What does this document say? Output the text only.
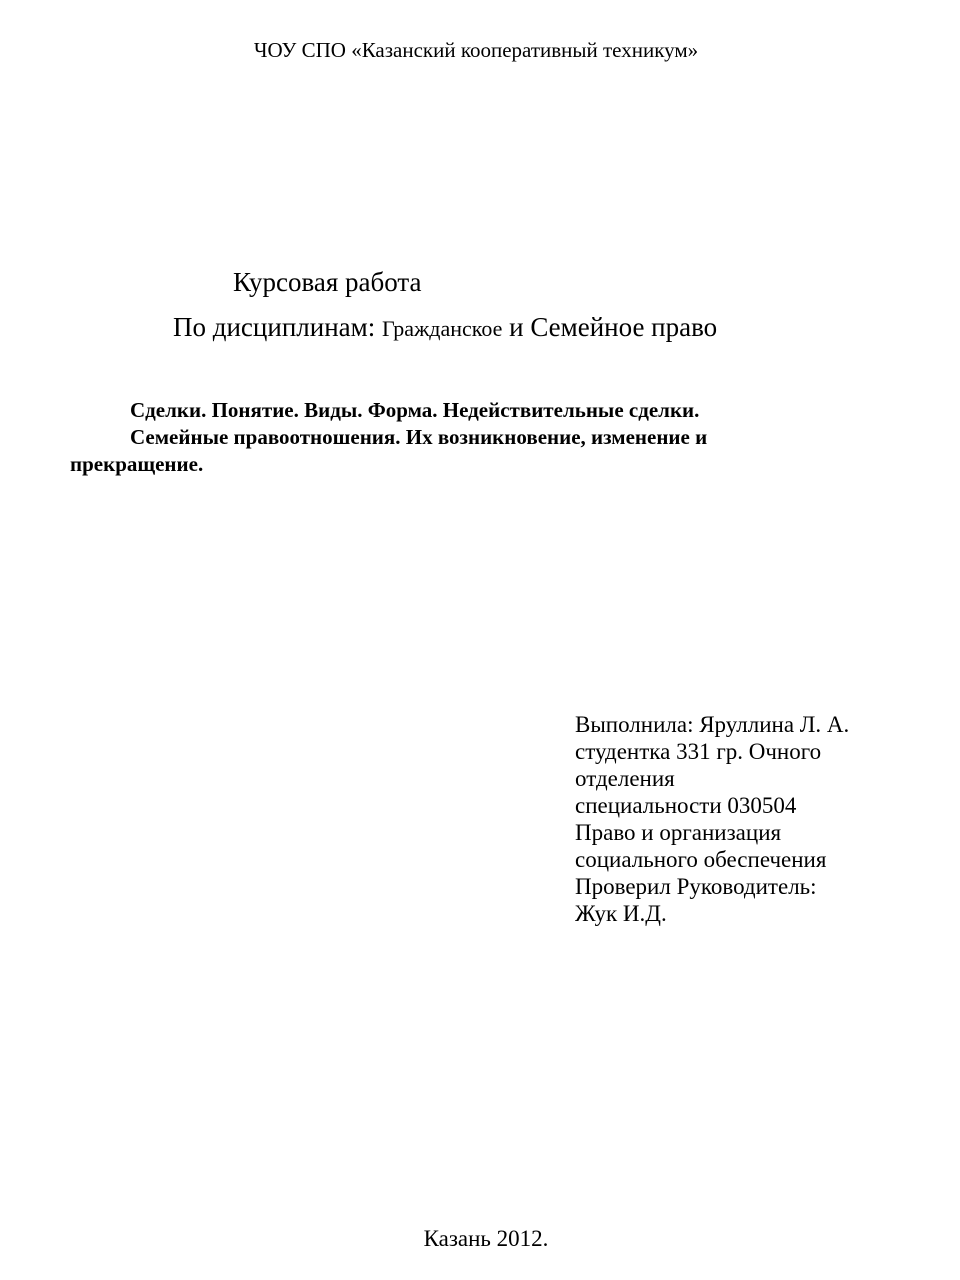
ЧОУ СПО «Казанский кооперативный техникум»
Курсовая работа
По дисциплинам: Гражданское и Семейное право
Сделки. Понятие. Виды. Форма. Недействительные сделки.
Семейные правоотношения. Их возникновение, изменение и
прекращение.
Выполнила: Яруллина Л. А.
студентка 331 гр. Очного
отделения
специальности 030504
Право и организация
социального обеспечения
Проверил Руководитель:
Жук И.Д.
Казань 2012.
